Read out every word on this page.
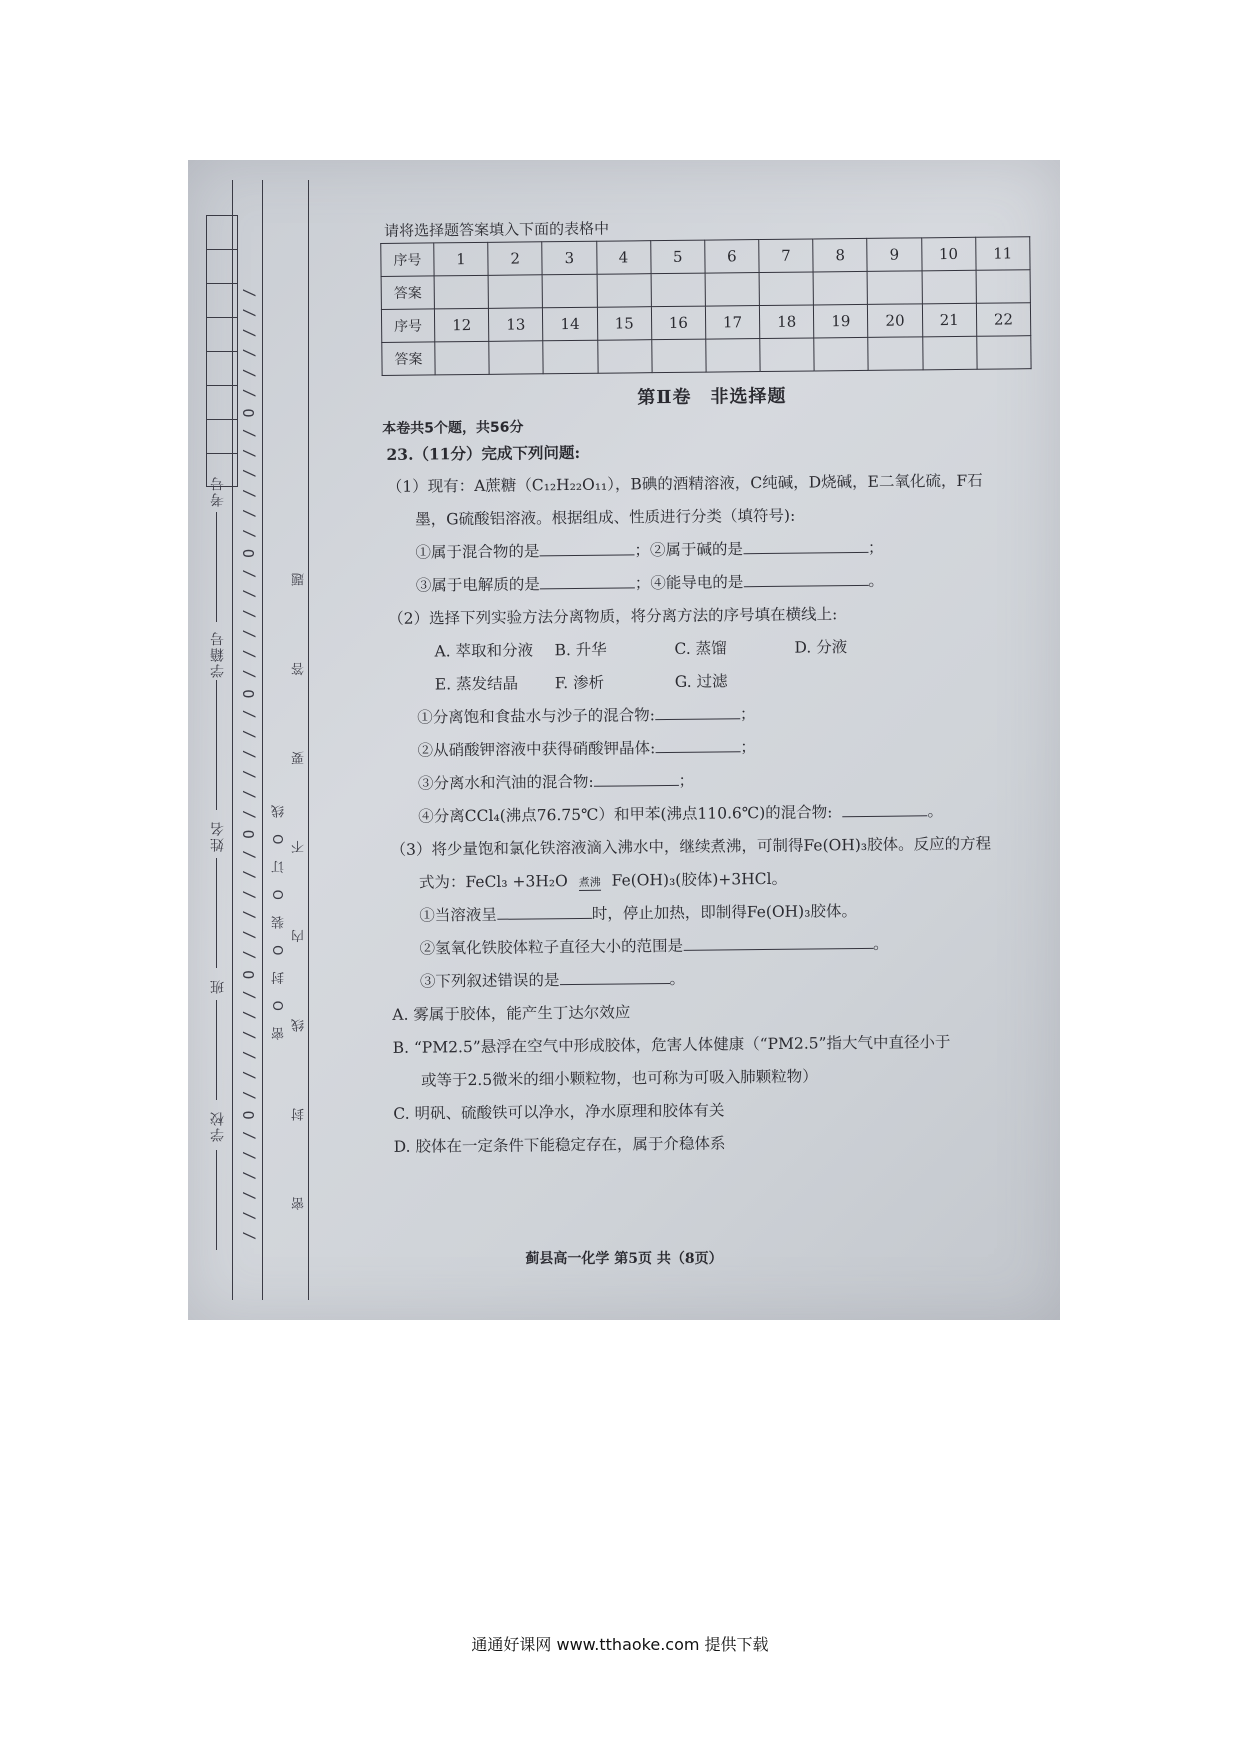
考号
学籍号
姓名
班
学校 / / / / / / O / / / / / / O / / / / / / O / / / / / / O / / / / / / O / / / / / / O / / / / / / 密 O 封 O 装 O 订 O 线 密 封 线 内 不 要 答 题
请将选择题答案填入下面的表格中
序号	1	2	3	4	5	6	7	8	9	10	11
答案											
序号	12	13	14	15	16	17	18	19	20	21	22
答案											
第Ⅱ卷　非选择题
本卷共5个题，共56分
23.（11分）完成下列问题:
（1）现有：A蔗糖（C₁₂H₂₂O₁₁），B碘的酒精溶液，C纯碱，D烧碱，E二氧化硫，F石
墨，G硫酸铝溶液。根据组成、性质进行分类（填符号):
①属于混合物的是	；②属于碱的是	；
③属于电解质的是	；④能导电的是	。
（2）选择下列实验方法分离物质，将分离方法的序号填在横线上:
A. 萃取和分液 B. 升华	C. 蒸馏	D. 分液
E. 蒸发结晶 F. 渗析	G. 过滤
①分离饱和食盐水与沙子的混合物:	；
②从硝酸钾溶液中获得硝酸钾晶体:	；
③分离水和汽油的混合物:	；
④分离CCl₄(沸点76.75℃）和甲苯(沸点110.6℃)的混合物:	。
（3）将少量饱和氯化铁溶液滴入沸水中，继续煮沸，可制得Fe(OH)₃胶体。反应的方程
式为：FeCl₃ +3H₂O 煮沸 Fe(OH)₃(胶体)+3HCl。
①当溶液呈	时，停止加热，即制得Fe(OH)₃胶体。
②氢氧化铁胶体粒子直径大小的范围是	。
③下列叙述错误的是	。
A. 雾属于胶体，能产生丁达尔效应
B. “PM2.5”悬浮在空气中形成胶体，危害人体健康（“PM2.5”指大气中直径小于
或等于2.5微米的细小颗粒物，也可称为可吸入肺颗粒物）
C. 明矾、硫酸铁可以净水，净水原理和胶体有关
D. 胶体在一定条件下能稳定存在，属于介稳体系
蓟县高一化学 第5页 共（8页）
通通好课网 www.tthaoke.com 提供下载
